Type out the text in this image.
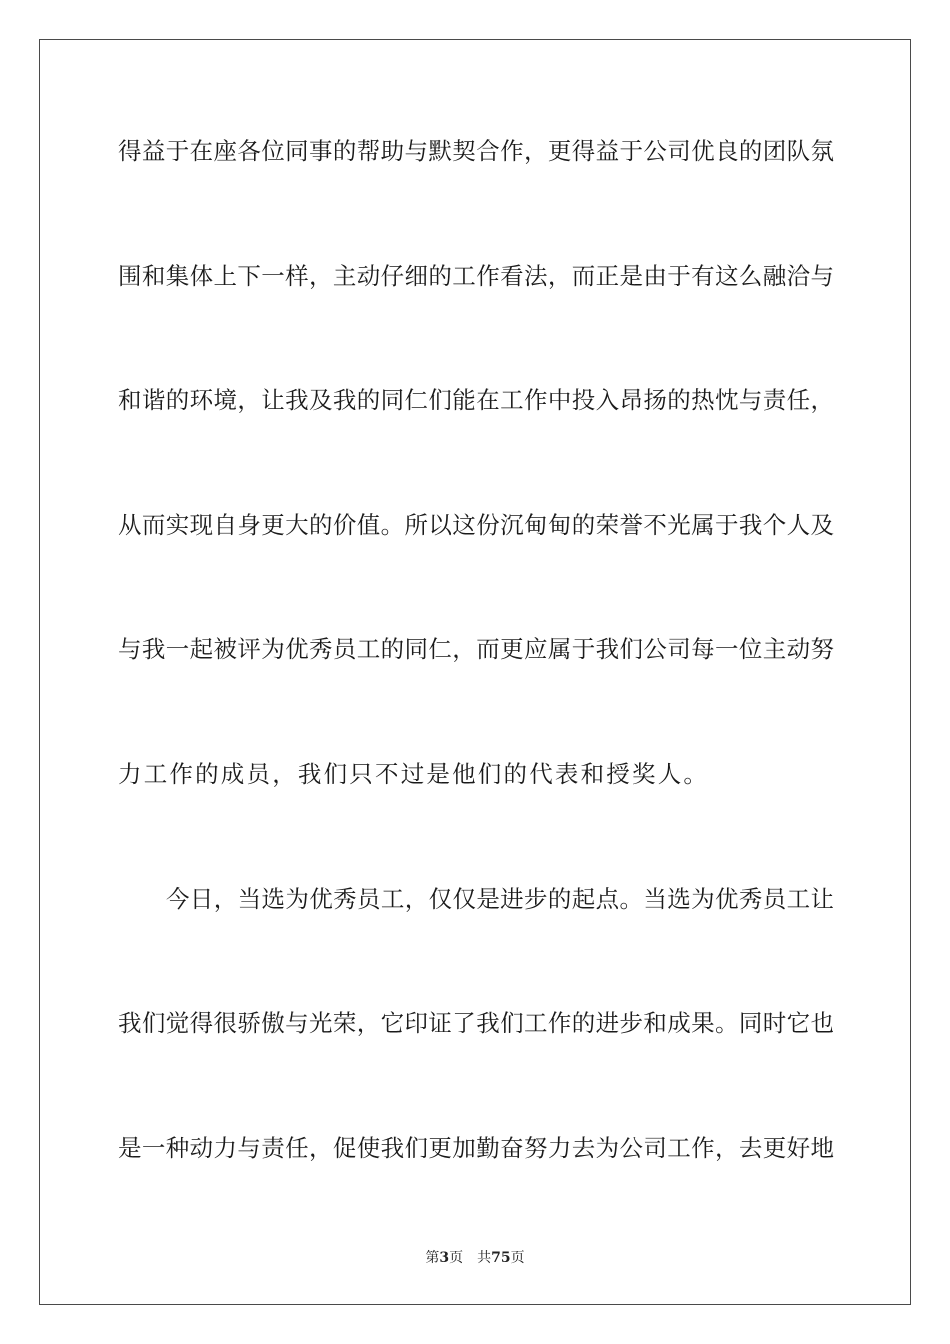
得益于在座各位同事的帮助与默契合作，更得益于公司优良的团队氛
围和集体上下一样，主动仔细的工作看法，而正是由于有这么融洽与
和谐的环境，让我及我的同仁们能在工作中投入昂扬的热忱与责任，
从而实现自身更大的价值。所以这份沉甸甸的荣誉不光属于我个人及
与我一起被评为优秀员工的同仁，而更应属于我们公司每一位主动努
力工作的成员，我们只不过是他们的代表和授奖人。
今日，当选为优秀员工，仅仅是进步的起点。当选为优秀员工让
我们觉得很骄傲与光荣，它印证了我们工作的进步和成果。同时它也
是一种动力与责任，促使我们更加勤奋努力去为公司工作，去更好地
第3页 共75页
